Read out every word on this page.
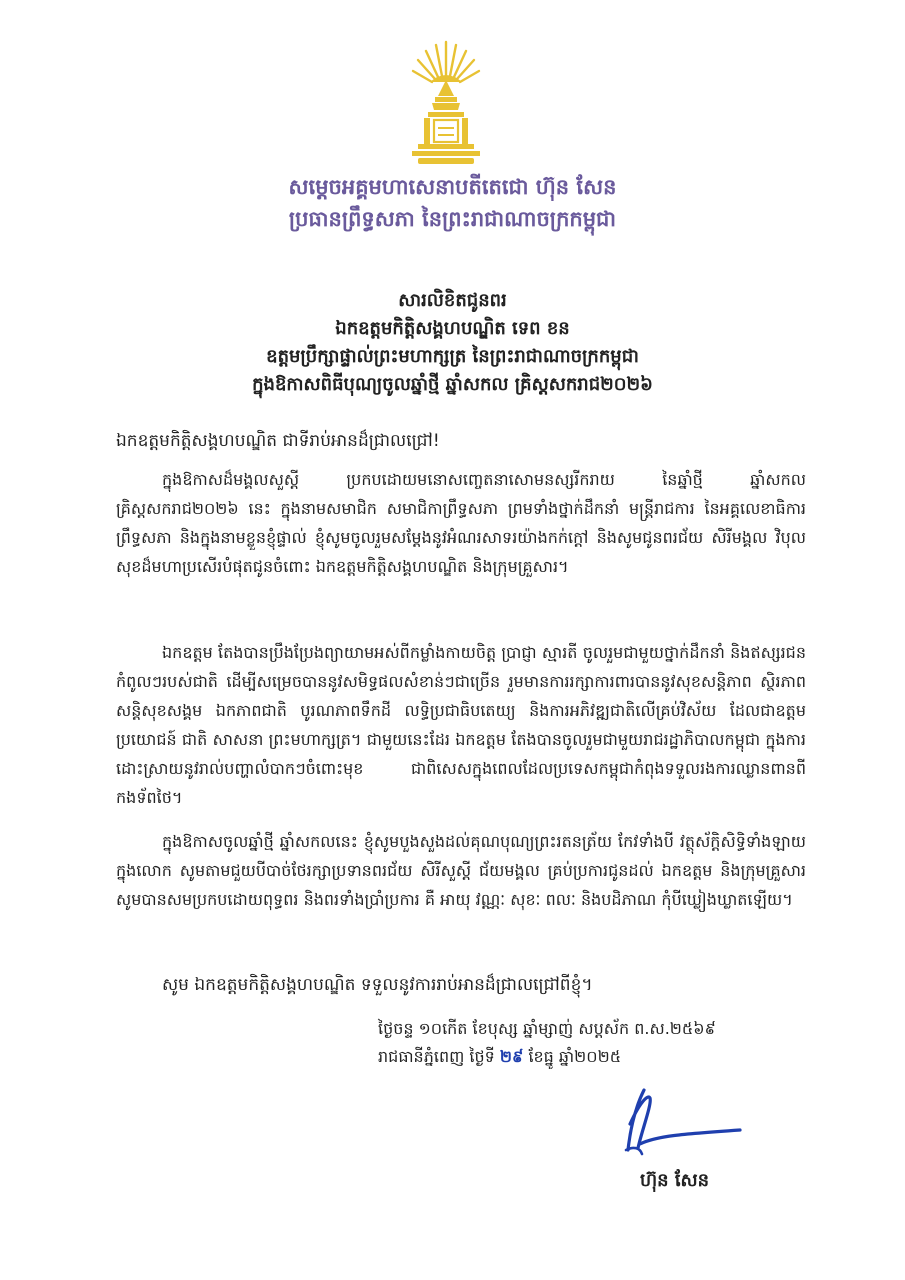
សម្តេចអគ្គមហាសេនាបតីតេជោ ហ៊ុន សែន
ប្រធានព្រឹទ្ធសភា នៃព្រះរាជាណាចក្រកម្ពុជា
សារលិខិតជូនពរ
ឯកឧត្តមកិត្តិសង្គហបណ្ឌិត ទេព ខន
ឧត្តមប្រឹក្សាផ្ទាល់ព្រះមហាក្សត្រ នៃព្រះរាជាណាចក្រកម្ពុជា
ក្នុងឱកាសពិធីបុណ្យចូលឆ្នាំថ្មី ឆ្នាំសកល គ្រិស្តសករាជ២០២៦
ឯកឧត្តមកិត្តិសង្គហបណ្ឌិត ជាទីរាប់អានដ៏ជ្រាលជ្រៅ!

ក្នុងឱកាសដ៏មង្គលសួស្តី ប្រកបដោយមនោសញ្ចេតនាសោមនស្សរីករាយ នៃឆ្នាំថ្មី ឆ្នាំសកល គ្រិស្តសករាជ២០២៦ នេះ ក្នុងនាមសមាជិក សមាជិកាព្រឹទ្ធសភា ព្រមទាំងថ្នាក់ដឹកនាំ មន្ត្រីរាជការ នៃអគ្គលេខាធិការព្រឹទ្ធសភា និងក្នុងនាមខ្លួនខ្ញុំផ្ទាល់ ខ្ញុំសូមចូលរួមសម្តែងនូវអំណរសាទរយ៉ាងកក់ក្តៅ និងសូមជូនពរជ័យ សិរីមង្គល វិបុលសុខដ៏មហាប្រសើរបំផុតជូនចំពោះ ឯកឧត្តមកិត្តិសង្គហបណ្ឌិត និងក្រុមគ្រួសារ។

ឯកឧត្តម តែងបានប្រឹងប្រែងព្យាយាមអស់ពីកម្លាំងកាយចិត្ត ប្រាជ្ញា ស្មារតី ចូលរួមជាមួយថ្នាក់ដឹកនាំ និងឥស្សរជនកំពូលៗរបស់ជាតិ ដើម្បីសម្រេចបាននូវសមិទ្ធផលសំខាន់ៗជាច្រើន រួមមានការរក្សាការពារបាននូវសុខសន្តិភាព ស្ថិរភាព សន្តិសុខសង្គម ឯកភាពជាតិ បូរណភាពទឹកដី លទ្ធិប្រជាធិបតេយ្យ និងការអភិវឌ្ឍជាតិលើគ្រប់វិស័យ ដែលជាឧត្តមប្រយោជន៍ ជាតិ សាសនា ព្រះមហាក្សត្រ។ ជាមួយនេះដែរ ឯកឧត្តម តែងបានចូលរួមជាមួយរាជរដ្ឋាភិបាលកម្ពុជា ក្នុងការដោះស្រាយនូវរាល់បញ្ហាលំបាកៗចំពោះមុខ ជាពិសេសក្នុងពេលដែលប្រទេសកម្ពុជាកំពុងទទួលរងការឈ្លានពានពីកងទ័ពថៃ។

ក្នុងឱកាសចូលឆ្នាំថ្មី ឆ្នាំសកលនេះ ខ្ញុំសូមបួងសួងដល់គុណបុណ្យព្រះរតនត្រ័យ កែវទាំងបី វត្ថុស័ក្តិសិទ្ធិទាំងឡាយក្នុងលោក សូមតាមជួយបីបាច់ថែរក្សាប្រទានពរជ័យ សិរីសួស្តី ជ័យមង្គល គ្រប់ប្រការជូនដល់ ឯកឧត្តម និងក្រុមគ្រួសារ សូមបានសមប្រកបដោយពុទ្ធពរ និងពរទាំងប្រាំប្រការ គឺ អាយុ វណ្ណៈ សុខៈ ពលៈ និងបដិភាណ កុំបីឃ្លៀងឃ្លាតឡើយ។

សូម ឯកឧត្តមកិត្តិសង្គហបណ្ឌិត ទទួលនូវការរាប់អានដ៏ជ្រាលជ្រៅពីខ្ញុំ។
ថ្ងៃចន្ទ ១០កើត ខែបុស្ស ឆ្នាំម្សាញ់ សប្តស័ក ព.ស.២៥៦៩
រាជធានីភ្នំពេញ ថ្ងៃទី ២៩ ខែធ្នូ ឆ្នាំ២០២៥
ហ៊ុន សែន
